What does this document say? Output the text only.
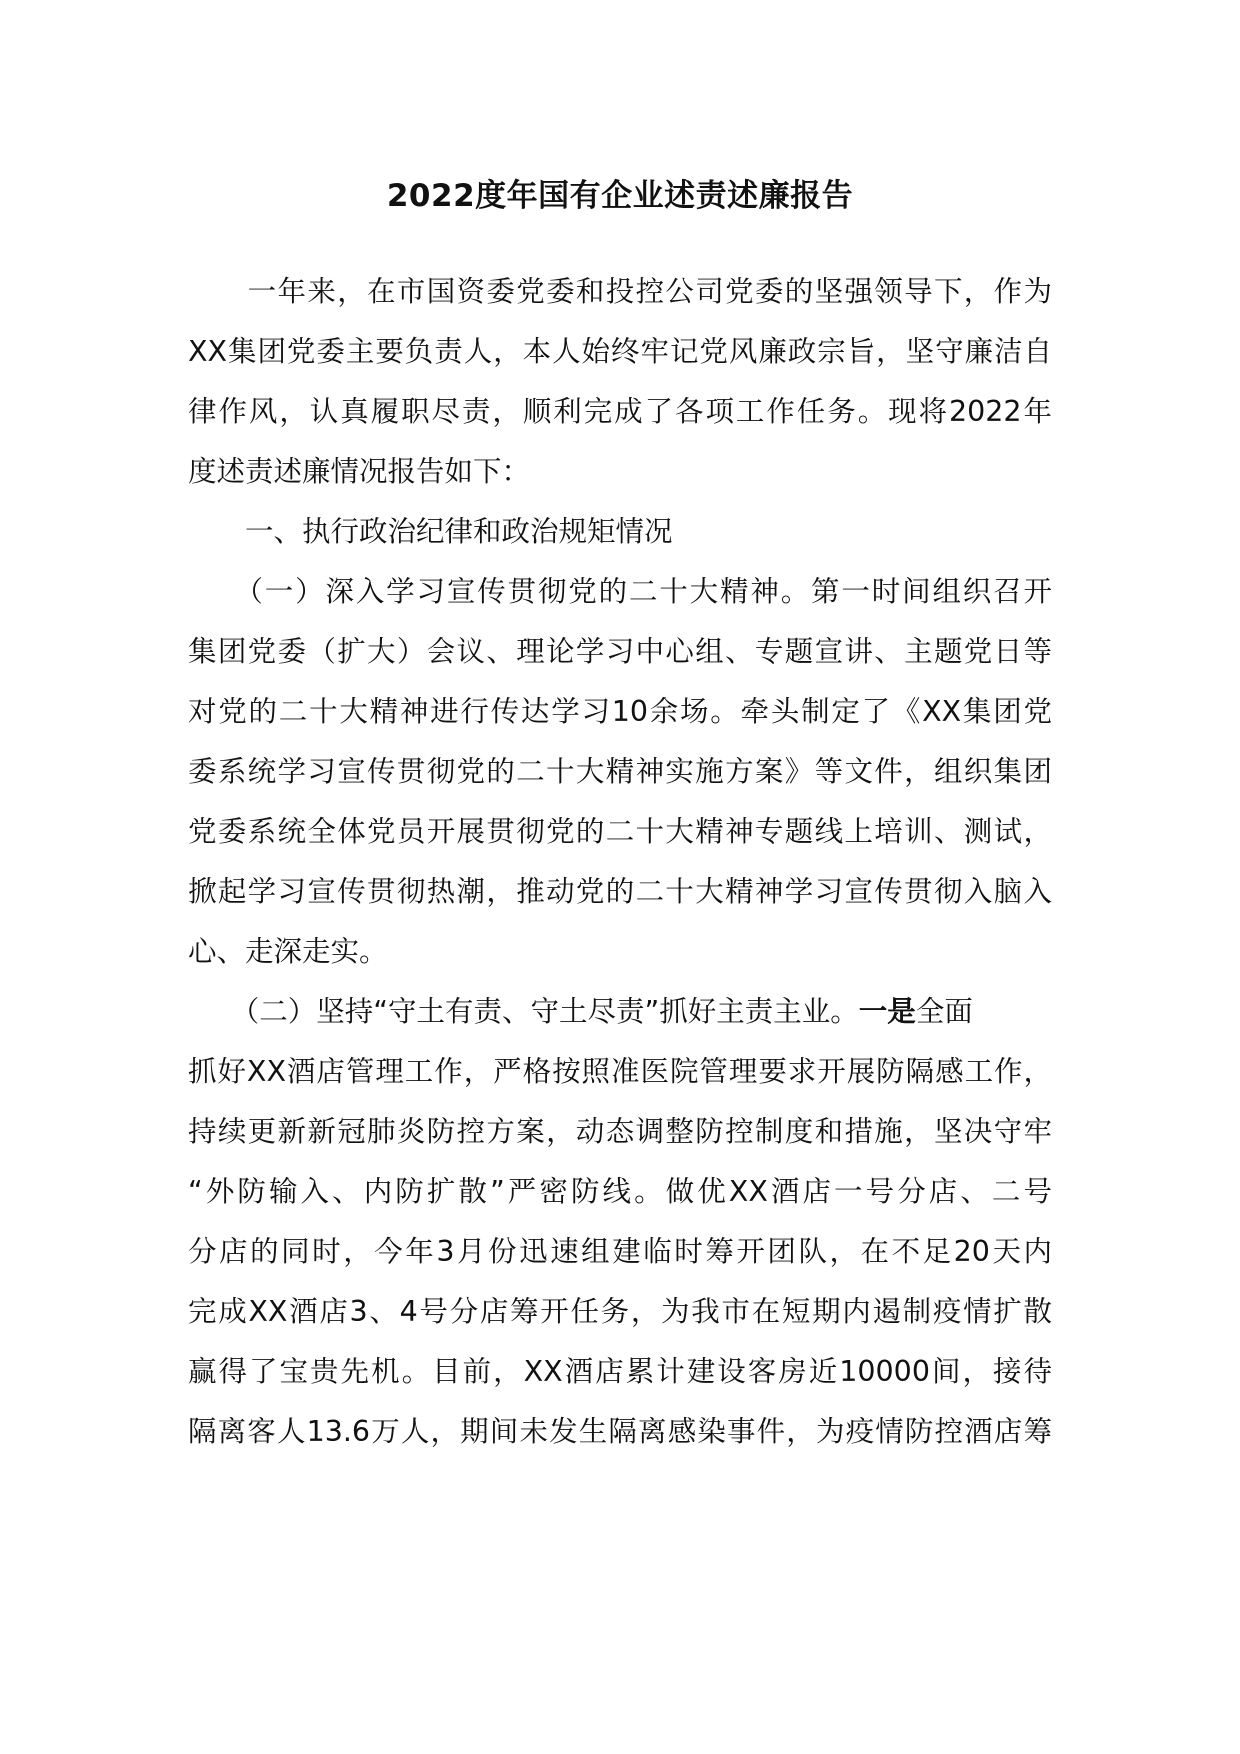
2022度年国有企业述责述廉报告
　　一年来，在市国资委党委和投控公司党委的坚强领导下，作为
XX集团党委主要负责人，本人始终牢记党风廉政宗旨，坚守廉洁自
律作风，认真履职尽责，顺利完成了各项工作任务。现将2022年
度述责述廉情况报告如下：
　　一、执行政治纪律和政治规矩情况
　　（一）深入学习宣传贯彻党的二十大精神。第一时间组织召开
集团党委（扩大）会议、理论学习中心组、专题宣讲、主题党日等
对党的二十大精神进行传达学习10余场。牵头制定了《XX集团党
委系统学习宣传贯彻党的二十大精神实施方案》等文件，组织集团
党委系统全体党员开展贯彻党的二十大精神专题线上培训、测试，
掀起学习宣传贯彻热潮，推动党的二十大精神学习宣传贯彻入脑入
心、走深走实。
　　（二）坚持“守土有责、守土尽责”抓好主责主业。一是全面
抓好XX酒店管理工作，严格按照准医院管理要求开展防隔感工作，
持续更新新冠肺炎防控方案，动态调整防控制度和措施，坚决守牢
“外防输入、内防扩散”严密防线。做优XX酒店一号分店、二号
分店的同时，今年3月份迅速组建临时筹开团队，在不足20天内
完成XX酒店3、4号分店筹开任务，为我市在短期内遏制疫情扩散
赢得了宝贵先机。目前，XX酒店累计建设客房近10000间，接待
隔离客人13.6万人，期间未发生隔离感染事件，为疫情防控酒店筹
